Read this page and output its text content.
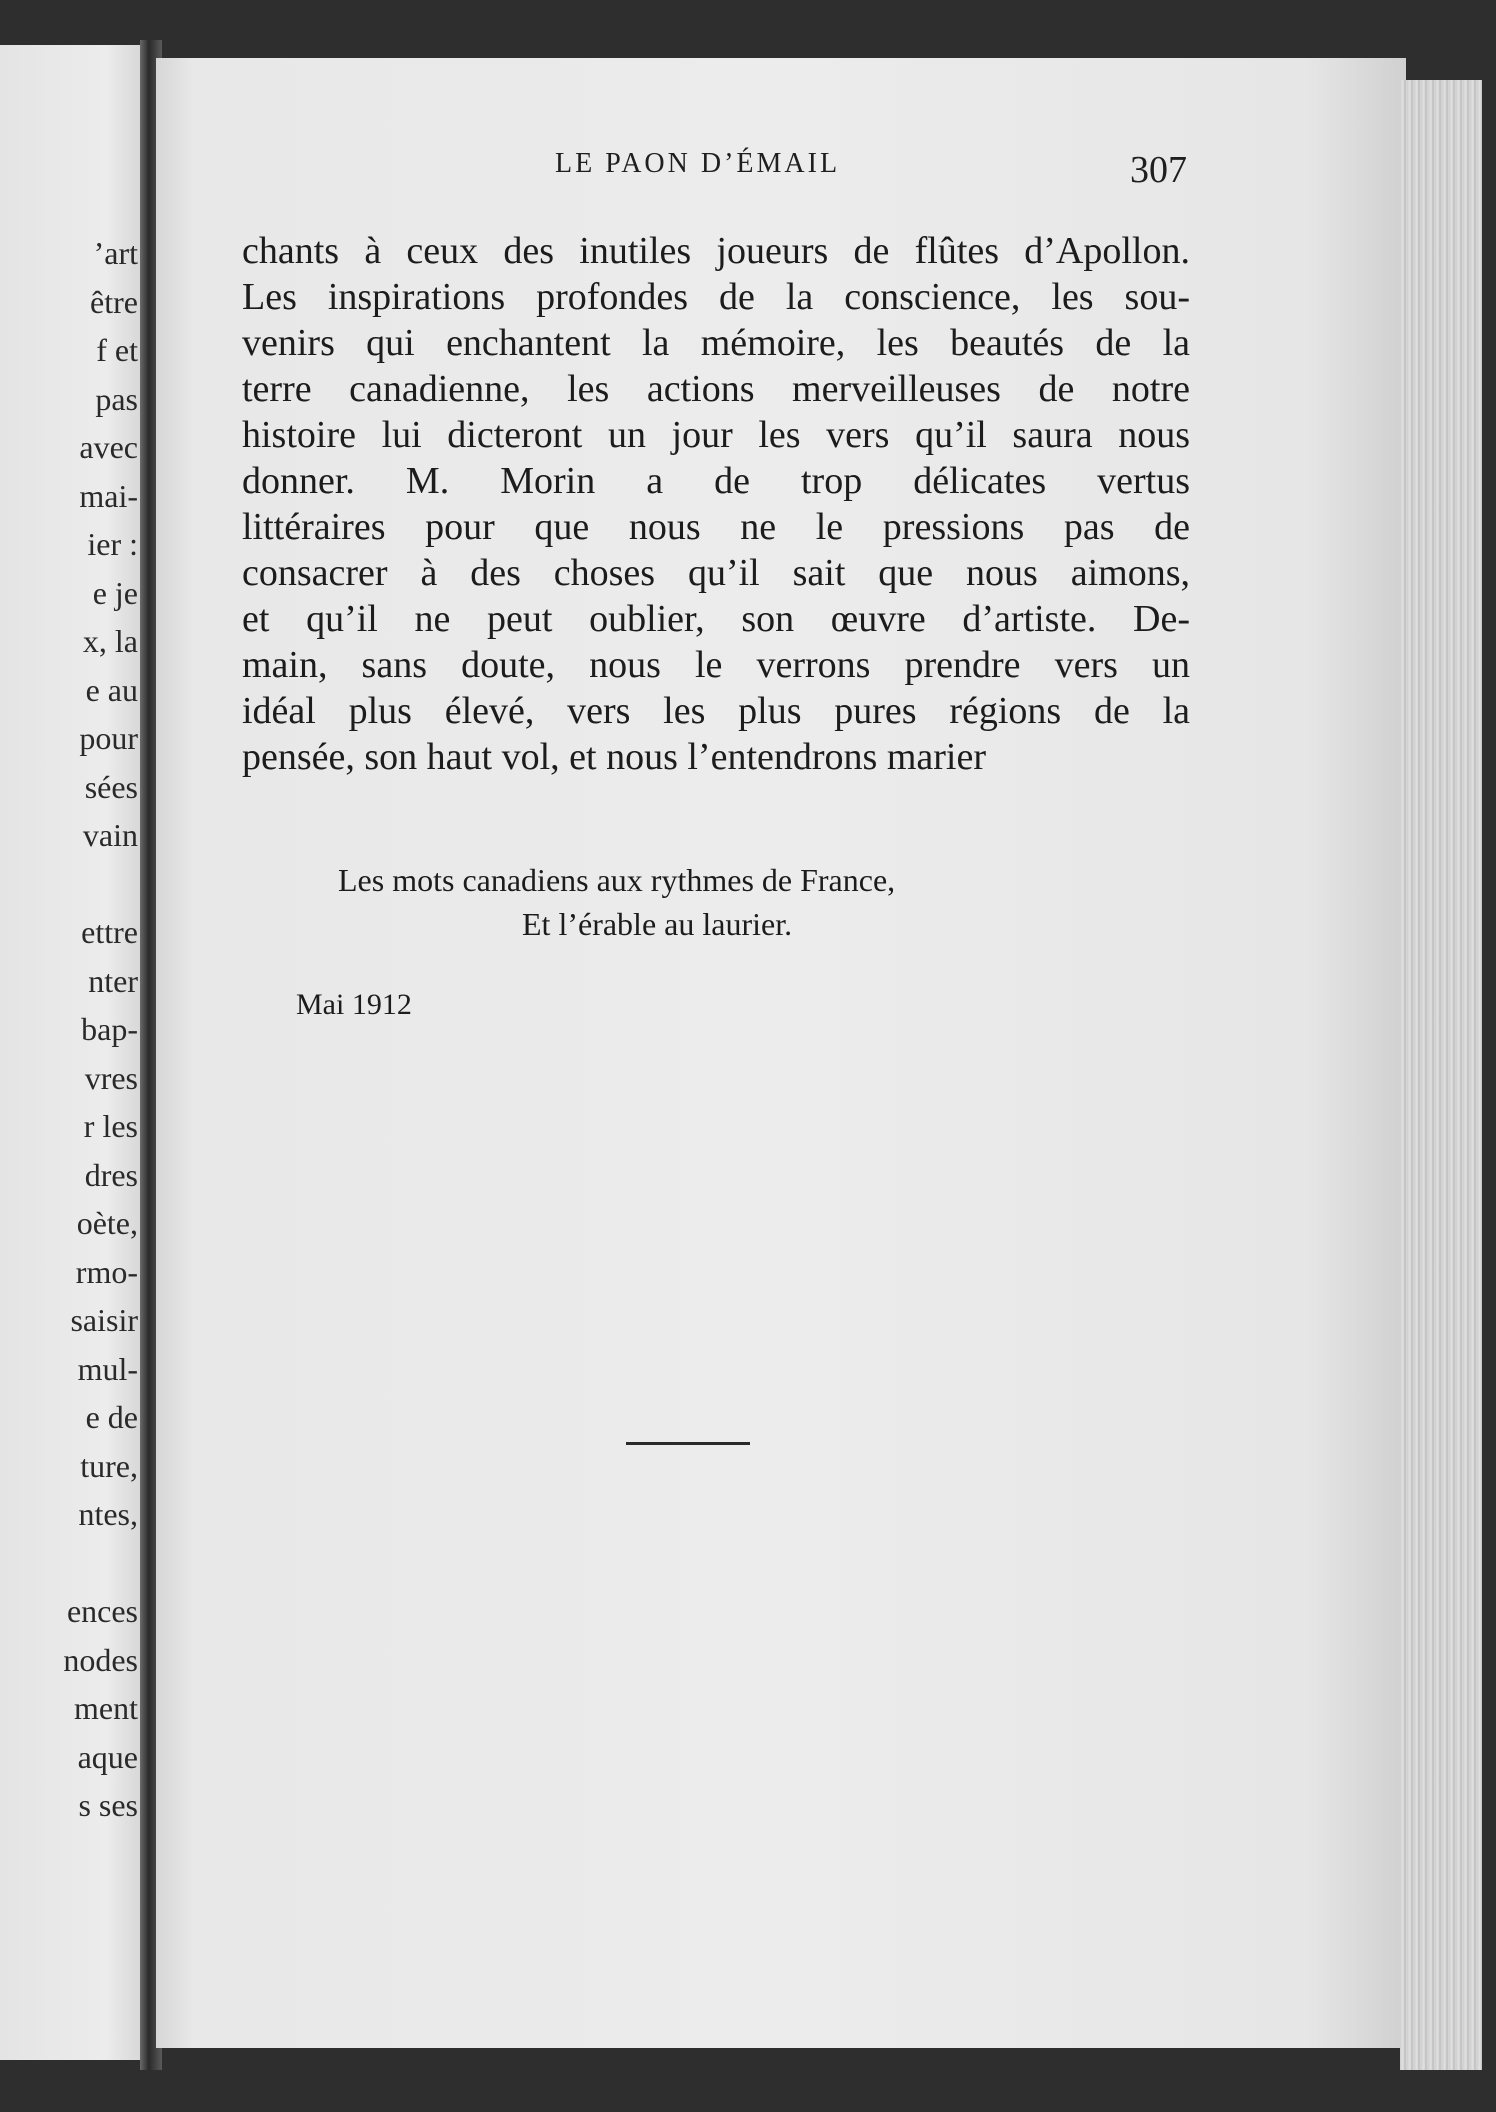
’art
être
f et
pas
avec
mai-
ier :
e je
x, la
e au
pour
sées
vain
ettre
nter
bap-
vres
r les
dres
oète,
rmo-
saisir
mul-
e de
ture,
ntes,
ences
nodes
ment
aque
s ses
LE PAON D’ÉMAIL	307
chants à ceux des inutiles joueurs de flûtes d’Apollon.
Les inspirations profondes de la conscience, les sou-
venirs qui enchantent la mémoire, les beautés de la
terre canadienne, les actions merveilleuses de notre
histoire lui dicteront un jour les vers qu’il saura nous
donner. M. Morin a de trop délicates vertus
littéraires pour que nous ne le pressions pas de
consacrer à des choses qu’il sait que nous aimons,
et qu’il ne peut oublier, son œuvre d’artiste. De-
main, sans doute, nous le verrons prendre vers un
idéal plus élevé, vers les plus pures régions de la
pensée, son haut vol, et nous l’entendrons marier
Les mots canadiens aux rythmes de France,
Et l’érable au laurier.
Mai 1912
